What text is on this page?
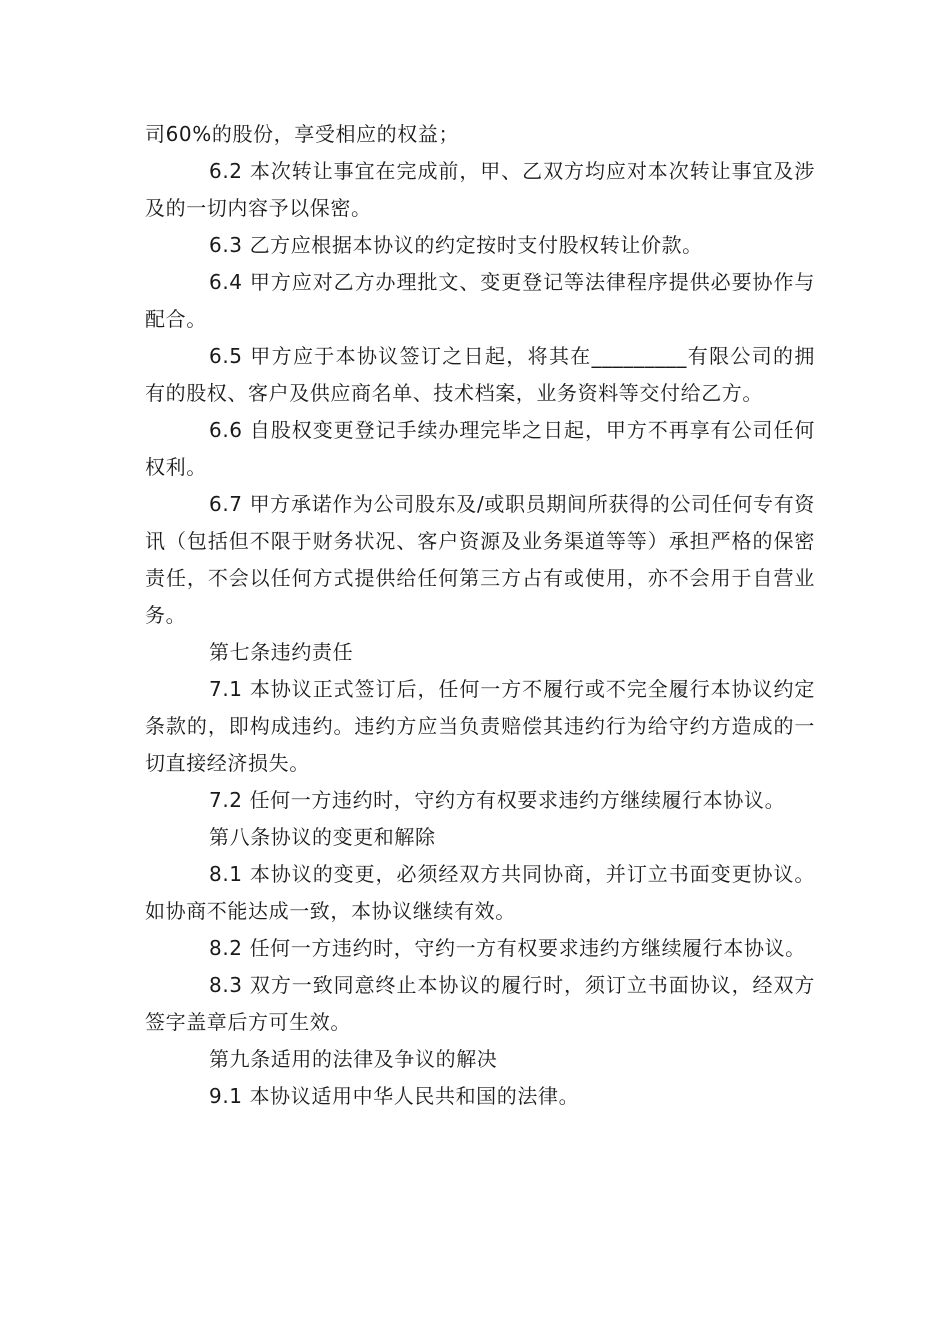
司60%的股份，享受相应的权益；

6.2 本次转让事宜在完成前，甲、乙双方均应对本次转让事宜及涉及的一切内容予以保密。

6.3 乙方应根据本协议的约定按时支付股权转让价款。

6.4 甲方应对乙方办理批文、变更登记等法律程序提供必要协作与配合。

6.5 甲方应于本协议签订之日起，将其在_________有限公司的拥有的股权、客户及供应商名单、技术档案，业务资料等交付给乙方。

6.6 自股权变更登记手续办理完毕之日起，甲方不再享有公司任何权利。

6.7 甲方承诺作为公司股东及/或职员期间所获得的公司任何专有资讯（包括但不限于财务状况、客户资源及业务渠道等等）承担严格的保密责任，不会以任何方式提供给任何第三方占有或使用，亦不会用于自营业务。

第七条违约责任

7.1 本协议正式签订后，任何一方不履行或不完全履行本协议约定条款的，即构成违约。违约方应当负责赔偿其违约行为给守约方造成的一切直接经济损失。

7.2 任何一方违约时，守约方有权要求违约方继续履行本协议。

第八条协议的变更和解除

8.1 本协议的变更，必须经双方共同协商，并订立书面变更协议。如协商不能达成一致，本协议继续有效。

8.2 任何一方违约时，守约一方有权要求违约方继续履行本协议。

8.3 双方一致同意终止本协议的履行时，须订立书面协议，经双方签字盖章后方可生效。

第九条适用的法律及争议的解决

9.1 本协议适用中华人民共和国的法律。
